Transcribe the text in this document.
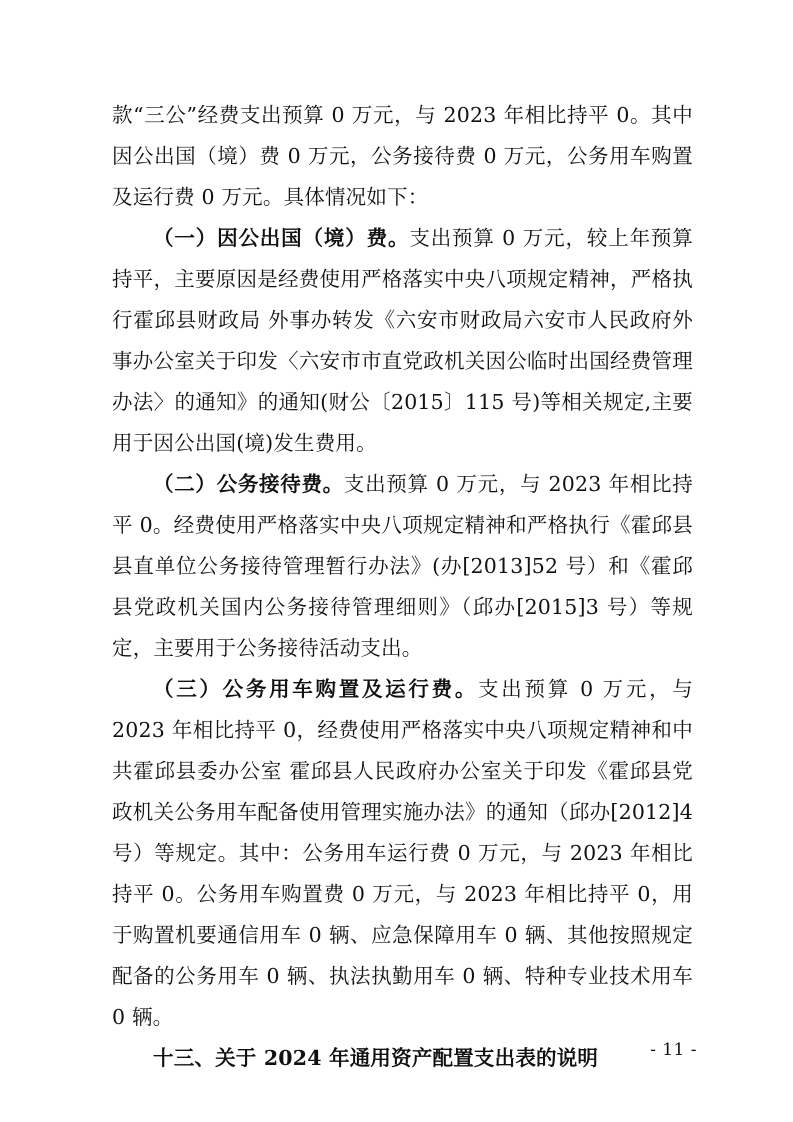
款“三公”经费支出预算 0 万元，与 2023 年相比持平 0。其中因公出国（境）费 0 万元，公务接待费 0 万元，公务用车购置及运行费 0 万元。具体情况如下：

（一）因公出国（境）费。支出预算 0 万元，较上年预算持平，主要原因是经费使用严格落实中央八项规定精神，严格执行霍邱县财政局 外事办转发《六安市财政局六安市人民政府外事办公室关于印发〈六安市市直党政机关因公临时出国经费管理办法〉的通知》的通知(财公〔2015〕115 号)等相关规定,主要用于因公出国(境)发生费用。

（二）公务接待费。支出预算 0 万元，与 2023 年相比持平 0。经费使用严格落实中央八项规定精神和严格执行《霍邱县县直单位公务接待管理暂行办法》(办[2013]52 号）和《霍邱县党政机关国内公务接待管理细则》（邱办[2015]3 号）等规定，主要用于公务接待活动支出。

（三）公务用车购置及运行费。支出预算 0 万元，与 2023 年相比持平 0，经费使用严格落实中央八项规定精神和中共霍邱县委办公室 霍邱县人民政府办公室关于印发《霍邱县党政机关公务用车配备使用管理实施办法》的通知（邱办[2012]4 号）等规定。其中：公务用车运行费 0 万元，与 2023 年相比持平 0。公务用车购置费 0 万元，与 2023 年相比持平 0，用于购置机要通信用车 0 辆、应急保障用车 0 辆、其他按照规定配备的公务用车 0 辆、执法执勤用车 0 辆、特种专业技术用车 0 辆。

十三、关于 2024 年通用资产配置支出表的说明	- 11 -
